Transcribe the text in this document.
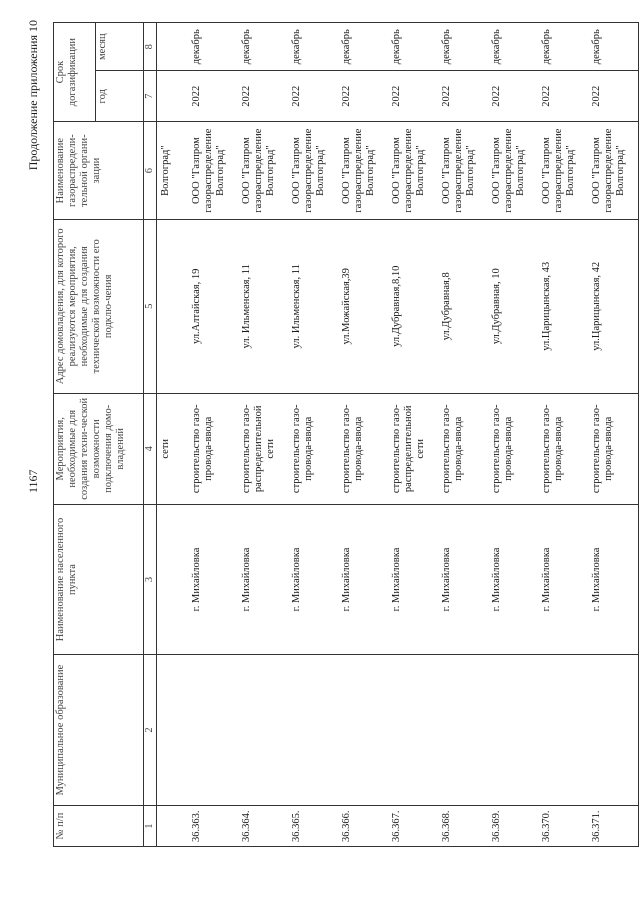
1167
Продолжение приложения 10
№ п/п	Муниципальное образование	Наименование населенного пункта	Мероприятия, необходимые для создания техни-ческой возможности подключения домо-владений	Адрес домовладения, для которого реализуются мероприятия, необходимые для создания технической возможности его подклю-чения	Наименование газораспредели-тельной органи-зации	Срок догазификации	
						год	месяц
1	2	3	4	5	6	7	8
			сети		Волгоград"		
36.363.		г. Михайловка	строительство газо-провода-ввода	ул.Алтайская, 19	ООО "Газпром газораспределение Волгоград"	2022	декабрь
36.364.		г. Михайловка	строительство газо-распределительной сети	ул. Ильменская, 11	ООО "Газпром газораспределение Волгоград"	2022	декабрь
36.365.		г. Михайловка	строительство газо-провода-ввода	ул. Ильменская, 11	ООО "Газпром газораспределение Волгоград"	2022	декабрь
36.366.		г. Михайловка	строительство газо-провода-ввода	ул.Можайская,39	ООО "Газпром газораспределение Волгоград"	2022	декабрь
36.367.		г. Михайловка	строительство газо-распределительной сети	ул.Дубравная,8,10	ООО "Газпром газораспределение Волгоград"	2022	декабрь
36.368.		г. Михайловка	строительство газо-провода-ввода	ул.Дубравная,8	ООО "Газпром газораспределение Волгоград"	2022	декабрь
36.369.		г. Михайловка	строительство газо-провода-ввода	ул.Дубравная, 10	ООО "Газпром газораспределение Волгоград"	2022	декабрь
36.370.		г. Михайловка	строительство газо-провода-ввода	ул.Царицынская, 43	ООО "Газпром газораспределение Волгоград"	2022	декабрь
36.371.		г. Михайловка	строительство газо-провода-ввода	ул.Царицынская, 42	ООО "Газпром газораспределение Волгоград"	2022	декабрь
